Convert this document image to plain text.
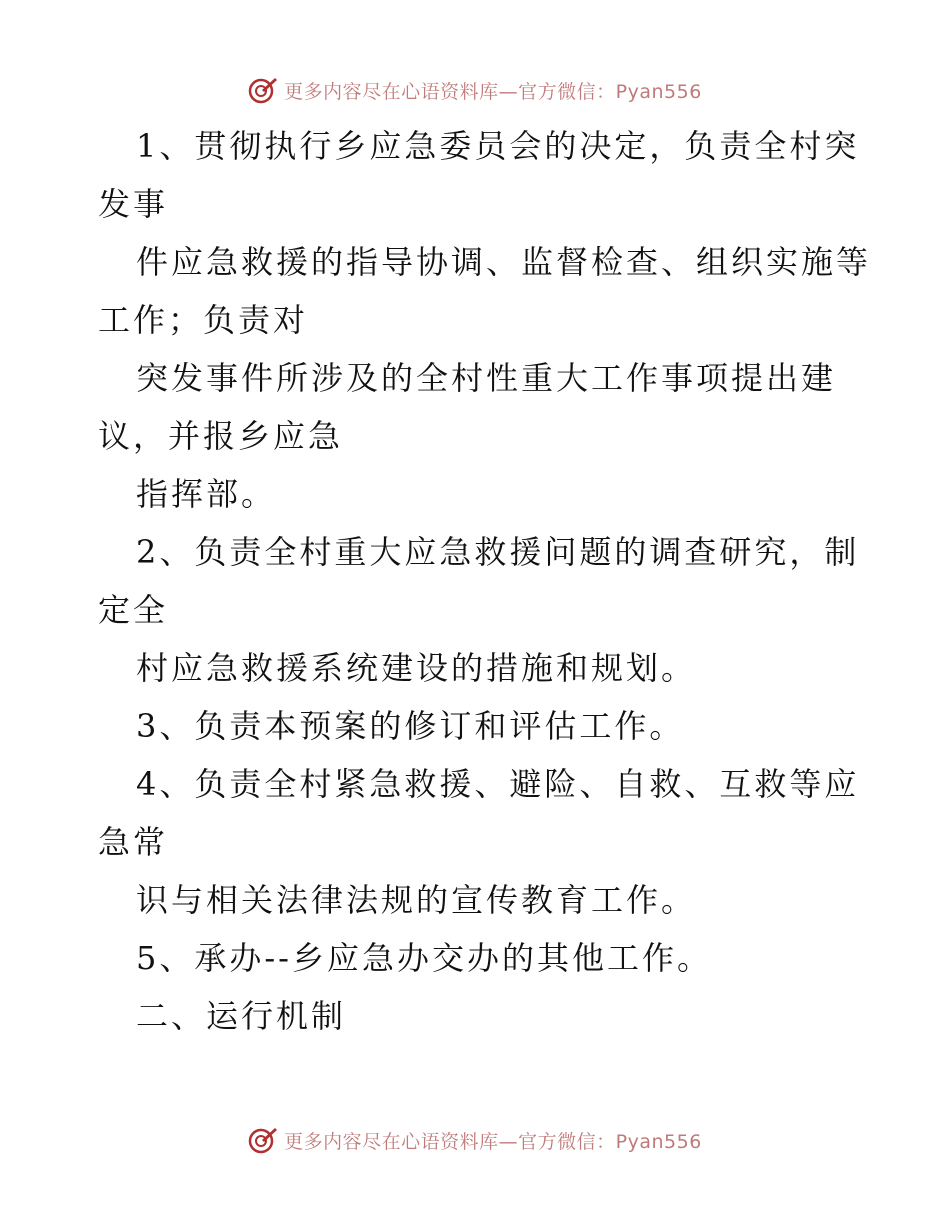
更多内容尽在心语资料库—官方微信：Pyan556
1、贯彻执行乡应急委员会的决定，负责全村突
发事
件应急救援的指导协调、监督检查、组织实施等
工作；负责对
突发事件所涉及的全村性重大工作事项提出建
议，并报乡应急
指挥部。
2、负责全村重大应急救援问题的调查研究，制
定全
村应急救援系统建设的措施和规划。
3、负责本预案的修订和评估工作。
4、负责全村紧急救援、避险、自救、互救等应
急常
识与相关法律法规的宣传教育工作。
5、承办--乡应急办交办的其他工作。
二、运行机制
更多内容尽在心语资料库—官方微信：Pyan556
